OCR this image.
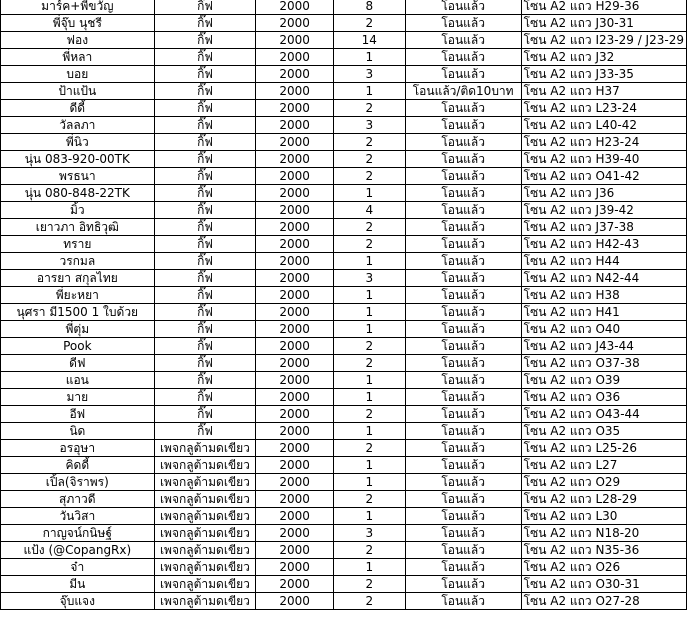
มาร์ค+พี่ขวัญ	กิ๊ฟ	2000	8	โอนแล้ว	โซน A2 แถว H29-36
พี่จุ๊บ นุชรี	กิ๊ฟ	2000	2	โอนแล้ว	โซน A2 แถว J30-31
ฟอง	กิ๊ฟ	2000	14	โอนแล้ว	โซน A2 แถว I23-29 / J23-29
พี่หลา	กิ๊ฟ	2000	1	โอนแล้ว	โซน A2 แถว J32
บอย	กิ๊ฟ	2000	3	โอนแล้ว	โซน A2 แถว J33-35
ป้าแป้น	กิ๊ฟ	2000	1	โอนแล้ว/ติด10บาท	โซน A2 แถว H37
ดีดี้	กิ๊ฟ	2000	2	โอนแล้ว	โซน A2 แถว L23-24
วัลลภา	กิ๊ฟ	2000	3	โอนแล้ว	โซน A2 แถว L40-42
พี่นิว	กิ๊ฟ	2000	2	โอนแล้ว	โซน A2 แถว H23-24
นุ่น 083-920-00TK	กิ๊ฟ	2000	2	โอนแล้ว	โซน A2 แถว H39-40
พรธนา	กิ๊ฟ	2000	2	โอนแล้ว	โซน A2 แถว O41-42
นุ่น 080-848-22TK	กิ๊ฟ	2000	1	โอนแล้ว	โซน A2 แถว J36
มิ้ว	กิ๊ฟ	2000	4	โอนแล้ว	โซน A2 แถว J39-42
เยาวภา อิทธิวุฒิ	กิ๊ฟ	2000	2	โอนแล้ว	โซน A2 แถว J37-38
ทราย	กิ๊ฟ	2000	2	โอนแล้ว	โซน A2 แถว H42-43
วรกมล	กิ๊ฟ	2000	1	โอนแล้ว	โซน A2 แถว H44
อารยา สกุลไทย	กิ๊ฟ	2000	3	โอนแล้ว	โซน A2 แถว N42-44
พี่ยะหยา	กิ๊ฟ	2000	1	โอนแล้ว	โซน A2 แถว H38
นุศรา มี1500 1 ใบด้วย	กิ๊ฟ	2000	1	โอนแล้ว	โซน A2 แถว H41
พี่ตุ่ม	กิ๊ฟ	2000	1	โอนแล้ว	โซน A2 แถว O40
Pook	กิ๊ฟ	2000	2	โอนแล้ว	โซน A2 แถว J43-44
ดีฟ	กิ๊ฟ	2000	2	โอนแล้ว	โซน A2 แถว O37-38
แอน	กิ๊ฟ	2000	1	โอนแล้ว	โซน A2 แถว O39
มาย	กิ๊ฟ	2000	1	โอนแล้ว	โซน A2 แถว O36
อีฟ	กิ๊ฟ	2000	2	โอนแล้ว	โซน A2 แถว O43-44
นิด	กิ๊ฟ	2000	1	โอนแล้ว	โซน A2 แถว O35
อรอุษา	เพจกลูต้ามดเขียว	2000	2	โอนแล้ว	โซน A2 แถว L25-26
คิดดี้	เพจกลูต้ามดเขียว	2000	1	โอนแล้ว	โซน A2 แถว L27
เปิ้ล(จิราพร)	เพจกลูต้ามดเขียว	2000	1	โอนแล้ว	โซน A2 แถว O29
สุภาวดี	เพจกลูต้ามดเขียว	2000	2	โอนแล้ว	โซน A2 แถว L28-29
วันวิสา	เพจกลูต้ามดเขียว	2000	1	โอนแล้ว	โซน A2 แถว L30
กาญจน์กนิษฐ์	เพจกลูต้ามดเขียว	2000	3	โอนแล้ว	โซน A2 แถว N18-20
แป้ง (@CopangRx)	เพจกลูต้ามดเขียว	2000	2	โอนแล้ว	โซน A2 แถว N35-36
จ๋า	เพจกลูต้ามดเขียว	2000	1	โอนแล้ว	โซน A2 แถว O26
มีน	เพจกลูต้ามดเขียว	2000	2	โอนแล้ว	โซน A2 แถว O30-31
จุ๊บแจง	เพจกลูต้ามดเขียว	2000	2	โอนแล้ว	โซน A2 แถว O27-28
